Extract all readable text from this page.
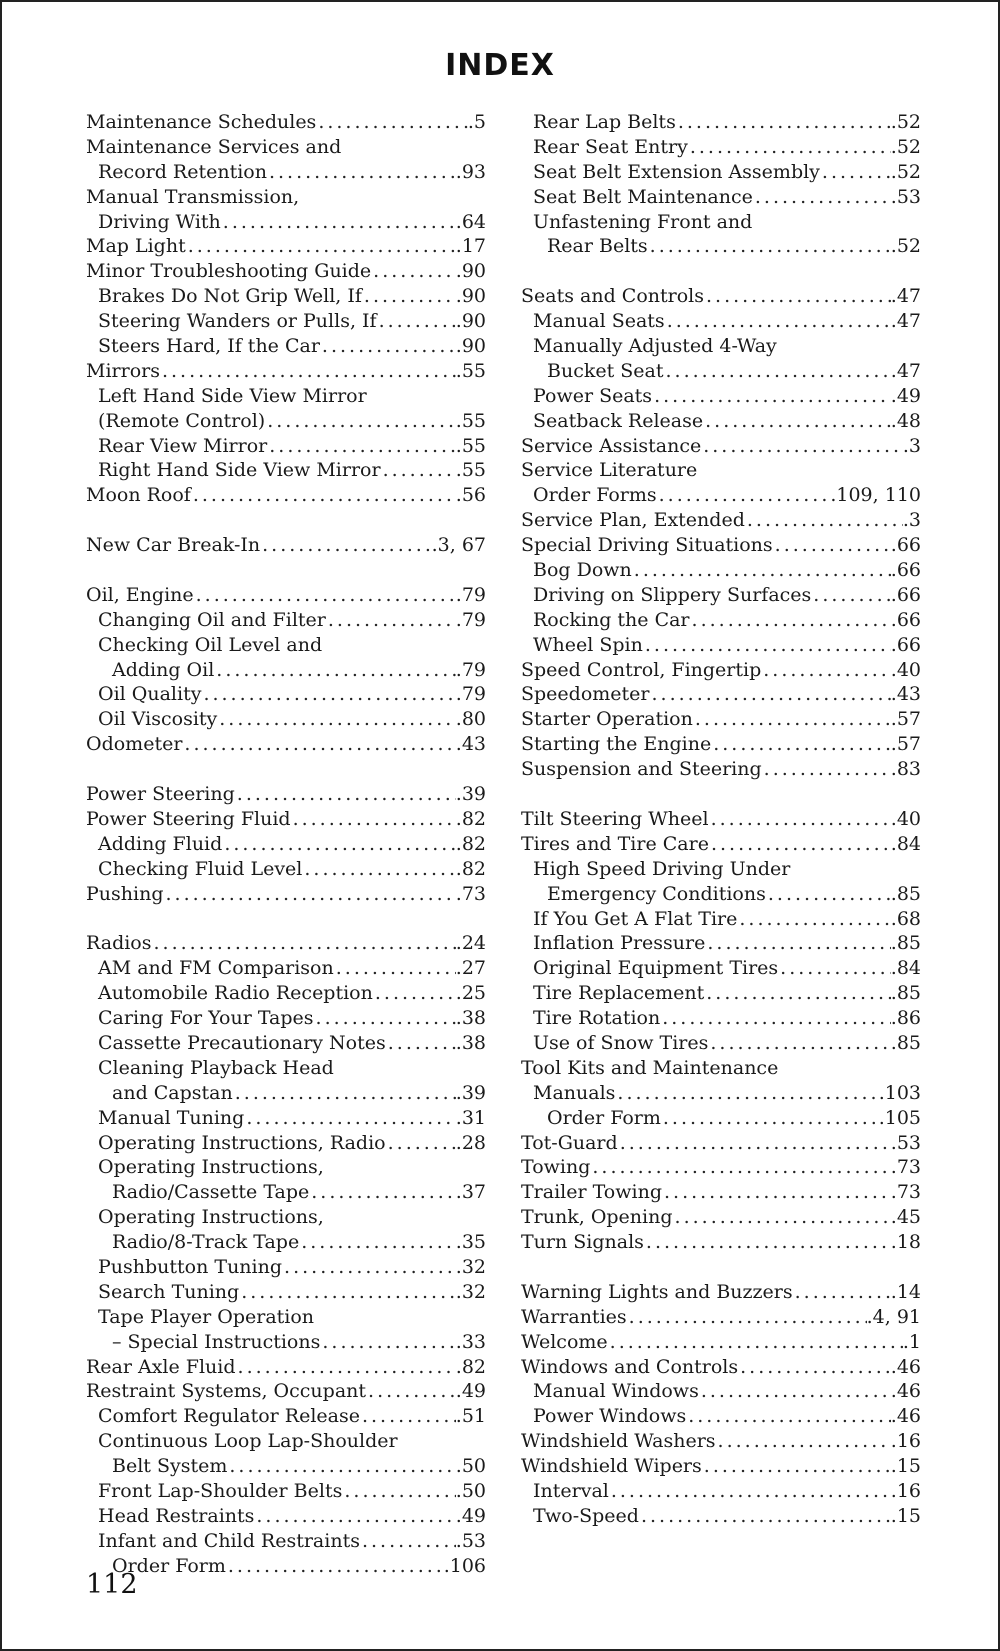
INDEX
Maintenance Schedules .....	.5
Maintenance Services and
Record Retention .....	.93
Manual Transmission,
Driving With .....	.64
Map Light .....	.17
Minor Troubleshooting Guide .....	.90
Brakes Do Not Grip Well, If .....	.90
Steering Wanders or Pulls, If .....	.90
Steers Hard, If the Car .....	.90
Mirrors .....	.55
Left Hand Side View Mirror
(Remote Control) .....	.55
Rear View Mirror .....	.55
Right Hand Side View Mirror .....	.55
Moon Roof .....	.56
New Car Break-In .....	.3, 67
Oil, Engine .....	.79
Changing Oil and Filter .....	.79
Checking Oil Level and
Adding Oil .....	.79
Oil Quality .....	.79
Oil Viscosity .....	.80
Odometer .....	.43
Power Steering .....	.39
Power Steering Fluid .....	.82
Adding Fluid .....	.82
Checking Fluid Level .....	.82
Pushing .....	.73
Radios .....	.24
AM and FM Comparison .....	.27
Automobile Radio Reception .....	.25
Caring For Your Tapes .....	.38
Cassette Precautionary Notes .....	.38
Cleaning Playback Head
and Capstan .....	.39
Manual Tuning .....	.31
Operating Instructions, Radio .....	.28
Operating Instructions,
Radio/Cassette Tape .....	.37
Operating Instructions,
Radio/8-Track Tape .....	.35
Pushbutton Tuning .....	.32
Search Tuning .....	.32
Tape Player Operation
– Special Instructions .....	.33
Rear Axle Fluid .....	.82
Restraint Systems, Occupant .....	.49
Comfort Regulator Release .....	.51
Continuous Loop Lap-Shoulder
Belt System .....	.50
Front Lap-Shoulder Belts .....	.50
Head Restraints .....	.49
Infant and Child Restraints .....	.53
Order Form .....	.106
Rear Lap Belts .....	.52
Rear Seat Entry .....	.52
Seat Belt Extension Assembly .....	.52
Seat Belt Maintenance .....	.53
Unfastening Front and
Rear Belts .....	.52
Seats and Controls .....	.47
Manual Seats .....	.47
Manually Adjusted 4-Way
Bucket Seat .....	.47
Power Seats .....	.49
Seatback Release .....	.48
Service Assistance .....	.3
Service Literature
Order Forms .....	.109, 110
Service Plan, Extended .....	.3
Special Driving Situations .....	.66
Bog Down .....	.66
Driving on Slippery Surfaces .....	.66
Rocking the Car .....	.66
Wheel Spin .....	.66
Speed Control, Fingertip .....	.40
Speedometer .....	.43
Starter Operation .....	.57
Starting the Engine .....	.57
Suspension and Steering .....	.83
Tilt Steering Wheel .....	.40
Tires and Tire Care .....	.84
High Speed Driving Under
Emergency Conditions .....	.85
If You Get A Flat Tire .....	.68
Inflation Pressure .....	.85
Original Equipment Tires .....	.84
Tire Replacement .....	.85
Tire Rotation .....	.86
Use of Snow Tires .....	.85
Tool Kits and Maintenance
Manuals .....	.103
Order Form .....	.105
Tot-Guard .....	.53
Towing .....	.73
Trailer Towing .....	.73
Trunk, Opening .....	.45
Turn Signals .....	.18
Warning Lights and Buzzers .....	.14
Warranties .....	.4, 91
Welcome .....	.1
Windows and Controls .....	.46
Manual Windows .....	.46
Power Windows .....	.46
Windshield Washers .....	.16
Windshield Wipers .....	.15
Interval .....	.16
Two-Speed .....	.15
112
